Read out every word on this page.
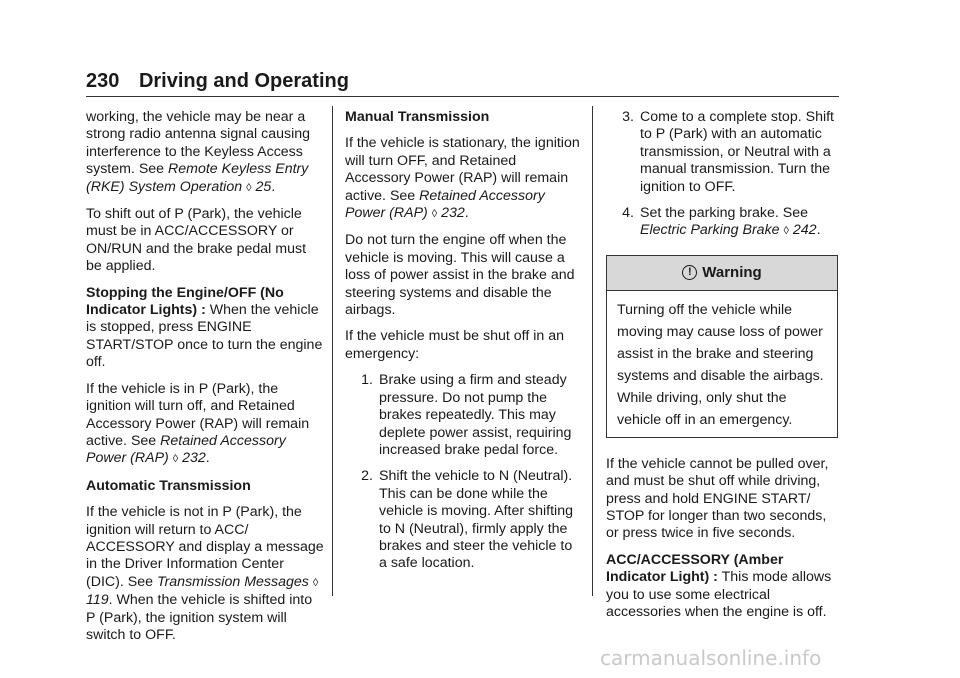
230 Driving and Operating

working, the vehicle may be near a strong radio antenna signal causing interference to the Keyless Access system. See Remote Keyless Entry (RKE) System Operation ◊ 25.

To shift out of P (Park), the vehicle must be in ACC/ACCESSORY or ON/RUN and the brake pedal must be applied.

Stopping the Engine/OFF (No Indicator Lights) : When the vehicle is stopped, press ENGINE START/STOP once to turn the engine off.

If the vehicle is in P (Park), the ignition will turn off, and Retained Accessory Power (RAP) will remain active. See Retained Accessory Power (RAP) ◊ 232.

Automatic Transmission

If the vehicle is not in P (Park), the ignition will return to ACC/ ACCESSORY and display a message in the Driver Information Center (DIC). See Transmission Messages ◊ 119. When the vehicle is shifted into P (Park), the ignition system will switch to OFF.

Manual Transmission

If the vehicle is stationary, the ignition will turn OFF, and Retained Accessory Power (RAP) will remain active. See Retained Accessory Power (RAP) ◊ 232.

Do not turn the engine off when the vehicle is moving. This will cause a loss of power assist in the brake and steering systems and disable the airbags.

If the vehicle must be shut off in an emergency:

1. Brake using a firm and steady pressure. Do not pump the brakes repeatedly. This may deplete power assist, requiring increased brake pedal force.
2. Shift the vehicle to N (Neutral). This can be done while the vehicle is moving. After shifting to N (Neutral), firmly apply the brakes and steer the vehicle to a safe location.
3. Come to a complete stop. Shift to P (Park) with an automatic transmission, or Neutral with a manual transmission. Turn the ignition to OFF.
4. Set the parking brake. See
Electric Parking Brake ◊ 242.
! Warning
Turning off the vehicle while moving may cause loss of power assist in the brake and steering systems and disable the airbags. While driving, only shut the vehicle off in an emergency.

If the vehicle cannot be pulled over, and must be shut off while driving, press and hold ENGINE START/ STOP for longer than two seconds, or press twice in five seconds.

ACC/ACCESSORY (Amber Indicator Light) : This mode allows you to use some electrical accessories when the engine is off.

carmanualsonline.info
